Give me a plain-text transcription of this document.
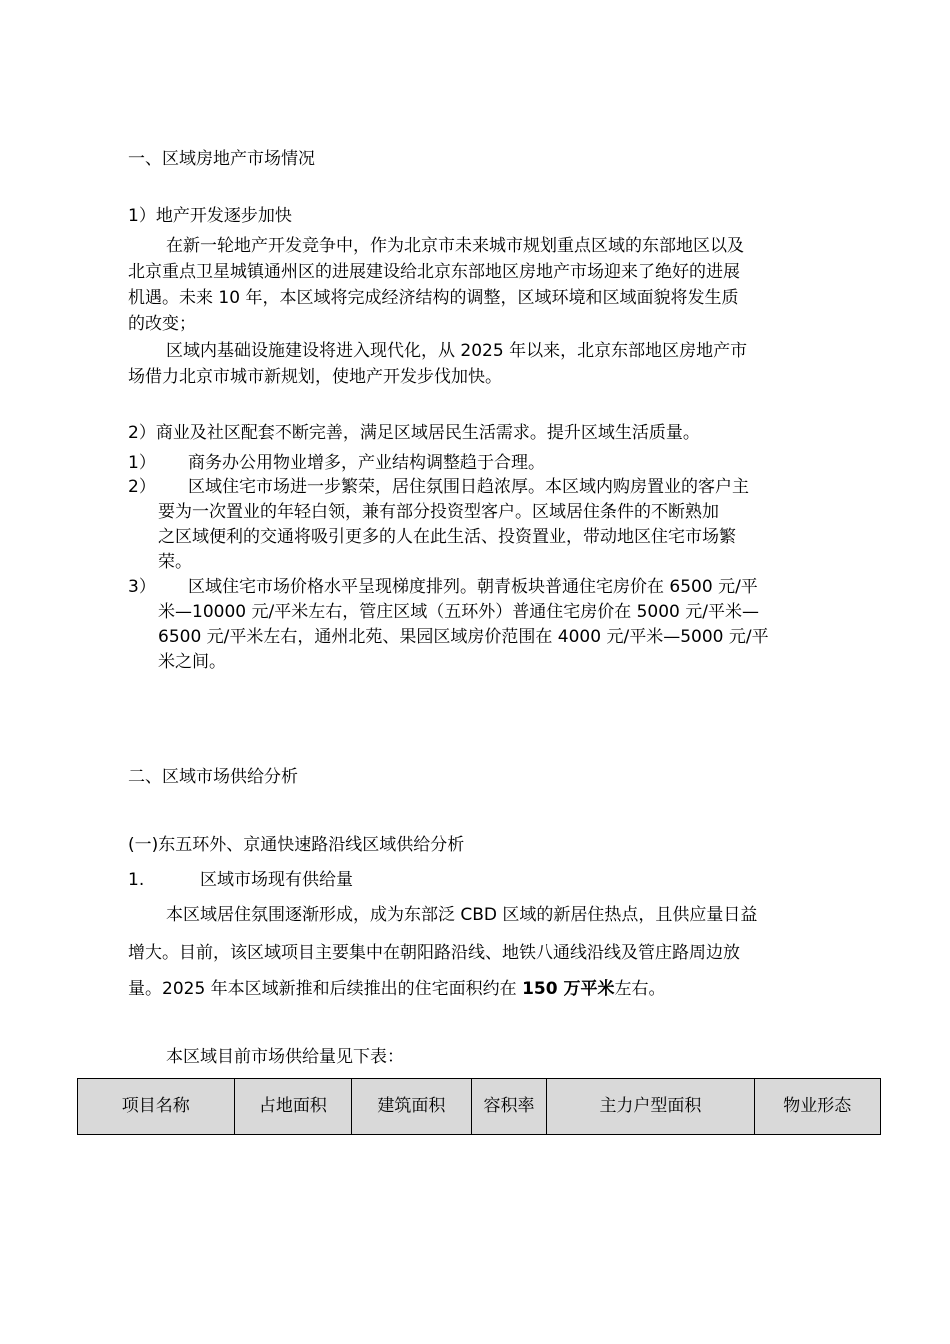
一、区域房地产市场情况
1）地产开发逐步加快
在新一轮地产开发竞争中，作为北京市未来城市规划重点区域的东部地区以及
北京重点卫星城镇通州区的进展建设给北京东部地区房地产市场迎来了绝好的进展
机遇。未来 10 年，本区域将完成经济结构的调整，区域环境和区域面貌将发生质
的改变；
区域内基础设施建设将进入现代化，从 2025 年以来，北京东部地区房地产市
场借力北京市城市新规划，使地产开发步伐加快。
2）商业及社区配套不断完善，满足区域居民生活需求。提升区域生活质量。
1） 商务办公用物业增多，产业结构调整趋于合理。
2） 区域住宅市场进一步繁荣，居住氛围日趋浓厚。本区域内购房置业的客户主
要为一次置业的年轻白领，兼有部分投资型客户。区域居住条件的不断熟加
之区域便利的交通将吸引更多的人在此生活、投资置业，带动地区住宅市场繁
荣。
3） 区域住宅市场价格水平呈现梯度排列。朝青板块普通住宅房价在 6500 元/平
米—10000 元/平米左右，管庄区域（五环外）普通住宅房价在 5000 元/平米—
6500 元/平米左右，通州北苑、果园区域房价范围在 4000 元/平米—5000 元/平
米之间。
二、区域市场供给分析
(一)东五环外、京通快速路沿线区域供给分析
1.	区域市场现有供给量
本区域居住氛围逐渐形成，成为东部泛 CBD 区域的新居住热点，且供应量日益
增大。目前，该区域项目主要集中在朝阳路沿线、地铁八通线沿线及管庄路周边放
量。2025 年本区域新推和后续推出的住宅面积约在 150 万平米左右。
本区域目前市场供给量见下表：
项目名称	占地面积	建筑面积	容积率	主力户型面积	物业形态
